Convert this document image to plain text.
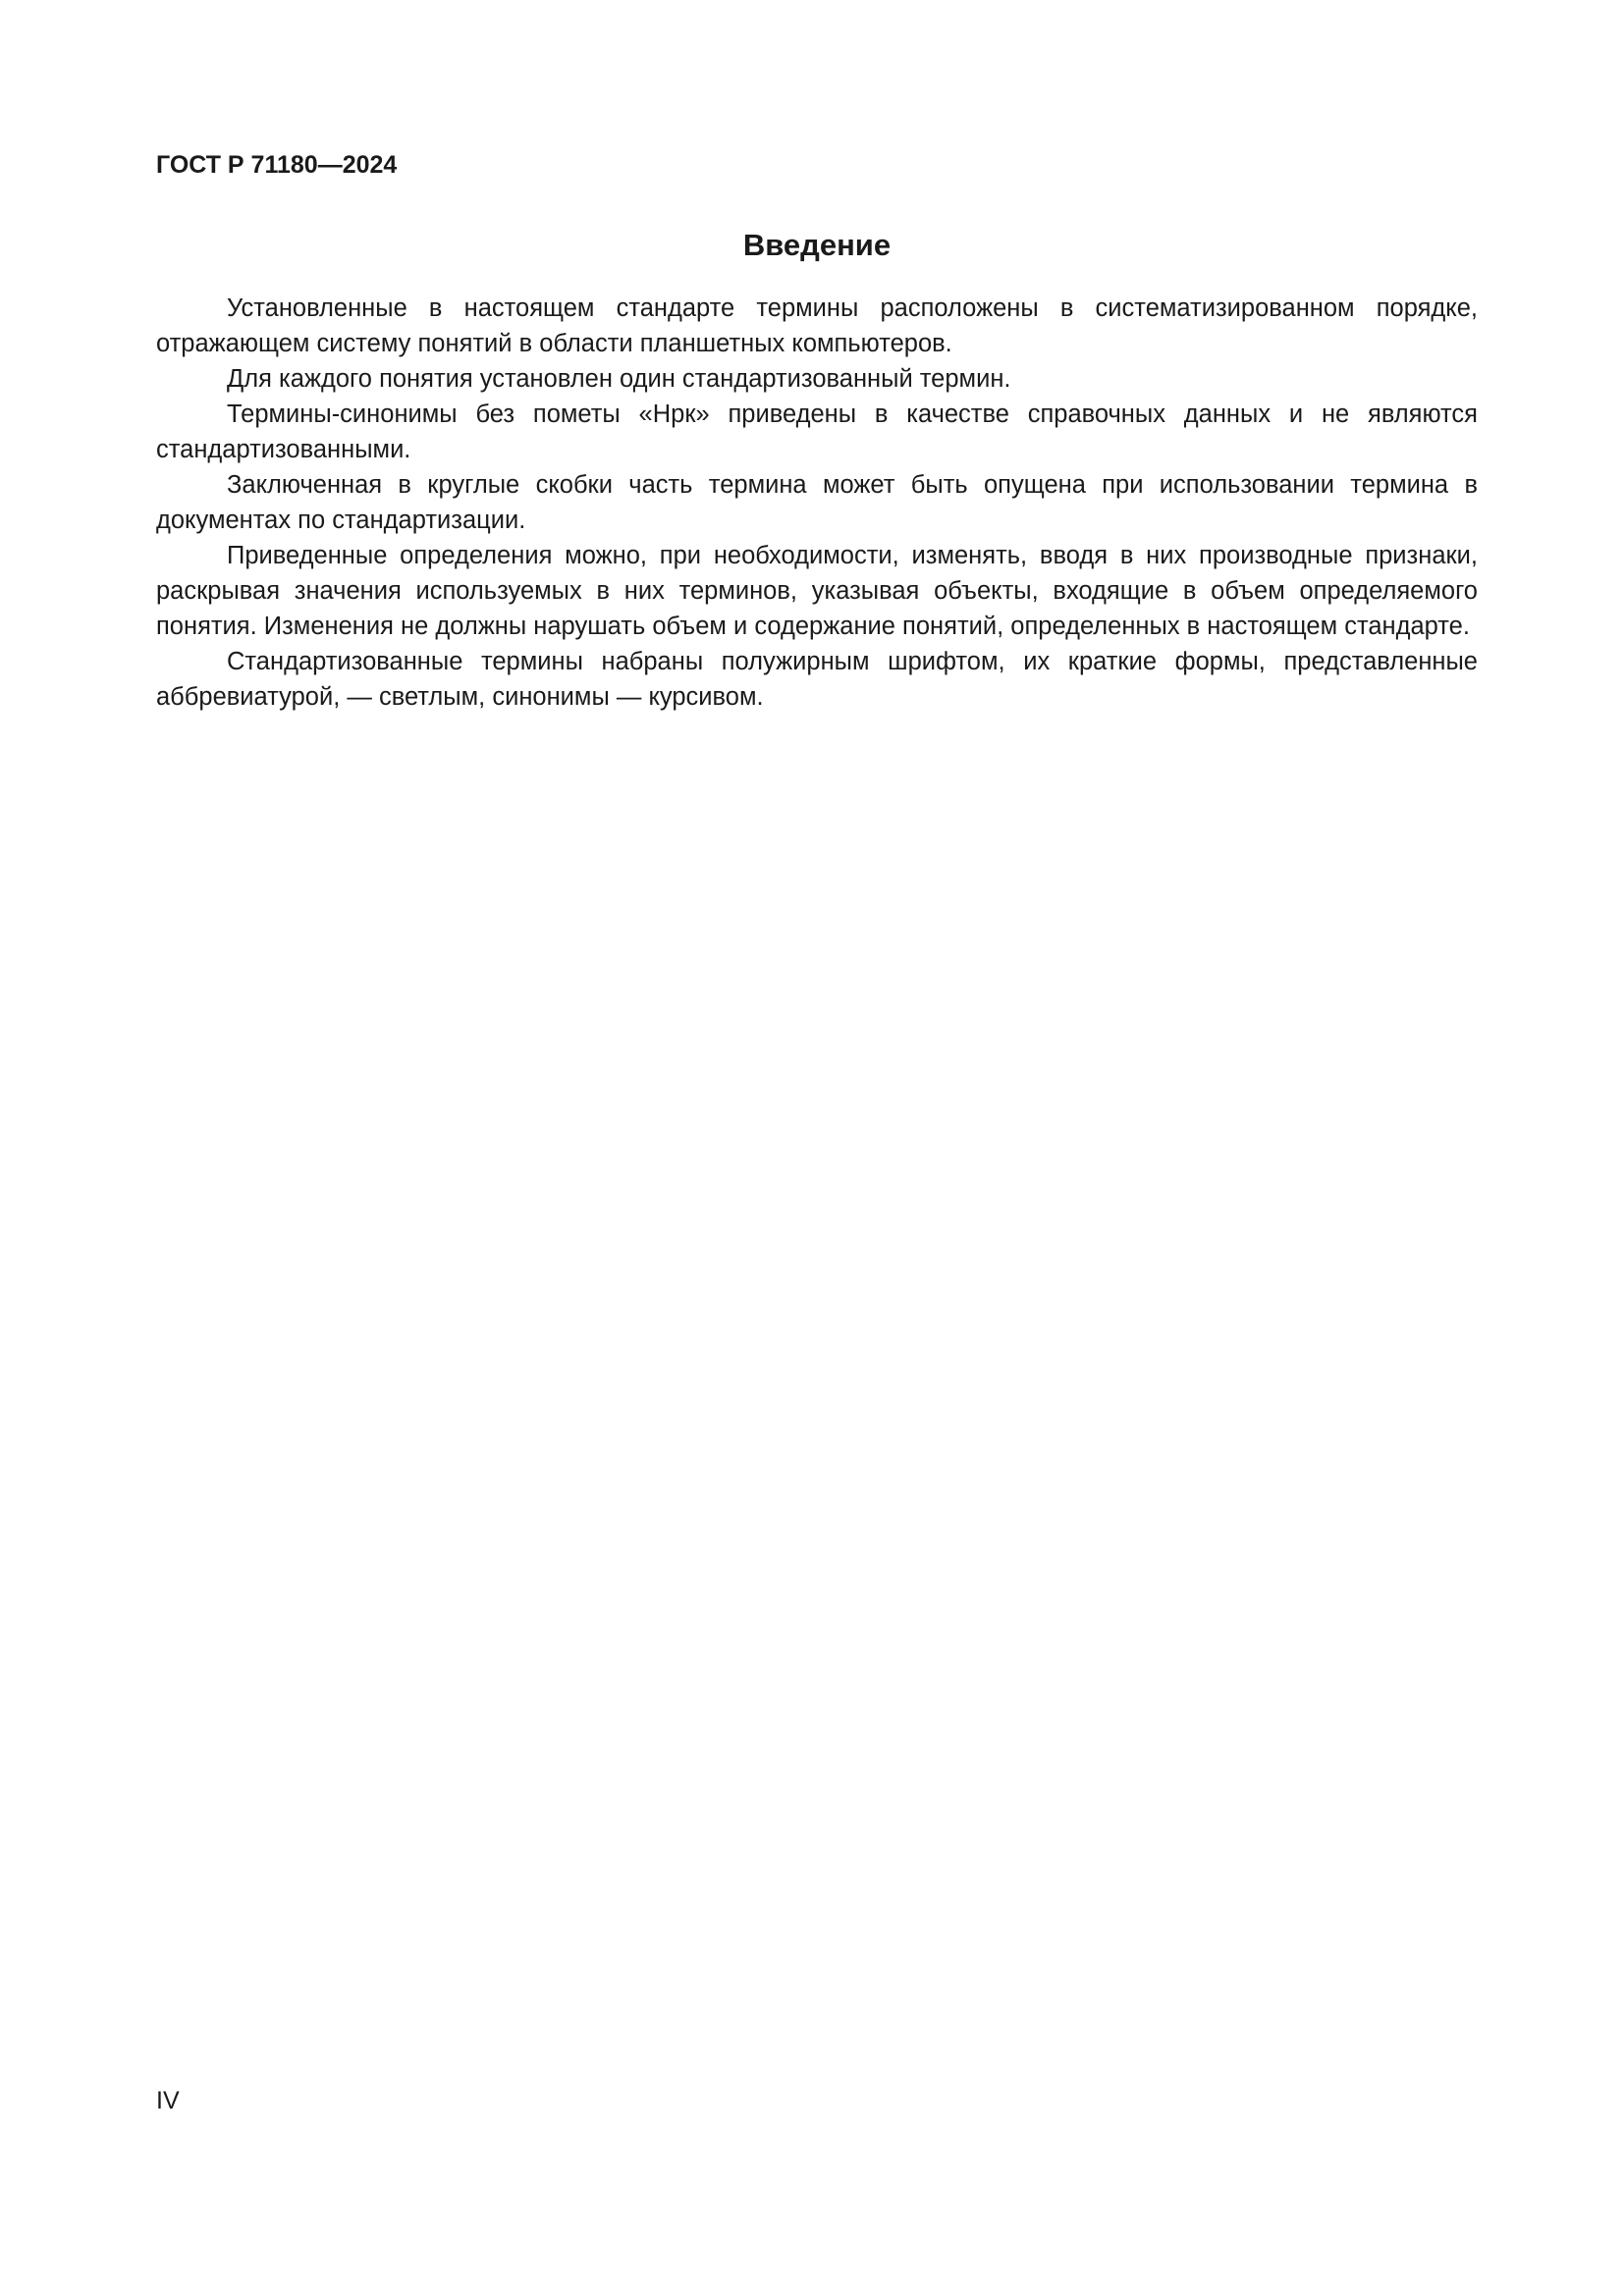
ГОСТ Р 71180—2024
Введение

Установленные в настоящем стандарте термины расположены в систематизированном порядке, отражающем систему понятий в области планшетных компьютеров.

Для каждого понятия установлен один стандартизованный термин.

Термины-синонимы без пометы «Нрк» приведены в качестве справочных данных и не являются стандартизованными.

Заключенная в круглые скобки часть термина может быть опущена при использовании термина в документах по стандартизации.

Приведенные определения можно, при необходимости, изменять, вводя в них производные признаки, раскрывая значения используемых в них терминов, указывая объекты, входящие в объем определяемого понятия. Изменения не должны нарушать объем и содержание понятий, определенных в настоящем стандарте.

Стандартизованные термины набраны полужирным шрифтом, их краткие формы, представленные аббревиатурой, — светлым, синонимы — курсивом.

IV
